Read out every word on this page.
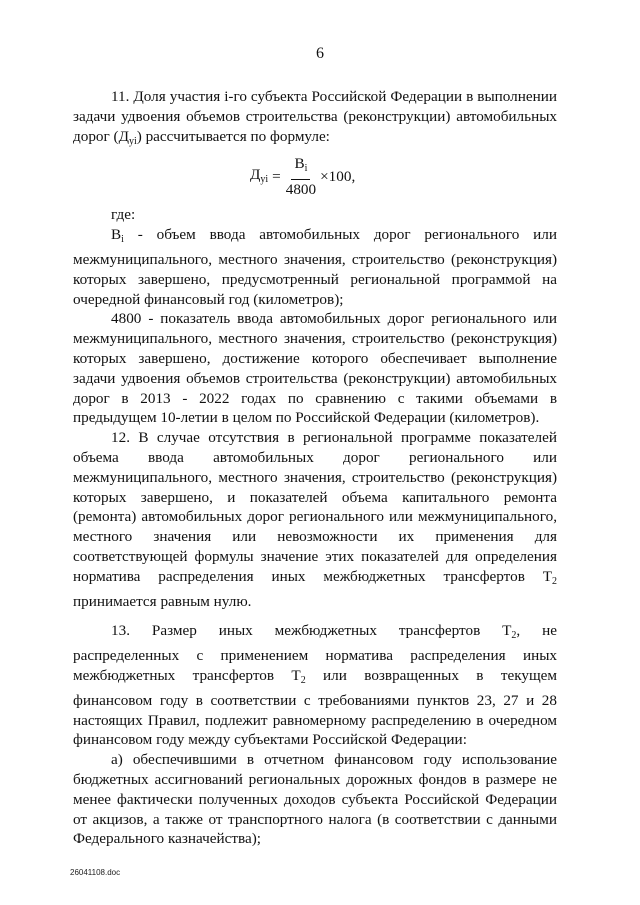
6

11. Доля участия i-го субъекта Российской Федерации в выполнении задачи удвоения объемов строительства (реконструкции) автомобильных дорог $(Д_{yi})$ рассчитывается по формуле:

$Д_{yi} = \frac{B_i}{4800} \times 100$,

где:

$B_i$ - объем ввода автомобильных дорог регионального или межмуниципального, местного значения, строительство (реконструкция) которых завершено, предусмотренный региональной программой на очередной финансовый год (километров);

4800 - показатель ввода автомобильных дорог регионального или межмуниципального, местного значения, строительство (реконструкция) которых завершено, достижение которого обеспечивает выполнение задачи удвоения объемов строительства (реконструкции) автомобильных дорог в 2013 - 2022 годах по сравнению с такими объемами в предыдущем 10-летии в целом по Российской Федерации (километров).

12. В случае отсутствия в региональной программе показателей объема ввода автомобильных дорог регионального или межмуниципального, местного значения, строительство (реконструкция) которых завершено, и показателей объема капитального ремонта (ремонта) автомобильных дорог регионального или межмуниципального, местного значения или невозможности их применения для соответствующей формулы значение этих показателей для определения норматива распределения иных межбюджетных трансфертов $Т_2$ принимается равным нулю.

13. Размер иных межбюджетных трансфертов $Т_2$, не распределенных с применением норматива распределения иных межбюджетных трансфертов $Т_2$ или возвращенных в текущем финансовом году в соответствии с требованиями пунктов 23, 27 и 28 настоящих Правил, подлежит равномерному распределению в очередном финансовом году между субъектами Российской Федерации:

а) обеспечившими в отчетном финансовом году использование бюджетных ассигнований региональных дорожных фондов в размере не менее фактически полученных доходов субъекта Российской Федерации от акцизов, а также от транспортного налога (в соответствии с данными Федерального казначейства);

26041108.doc
